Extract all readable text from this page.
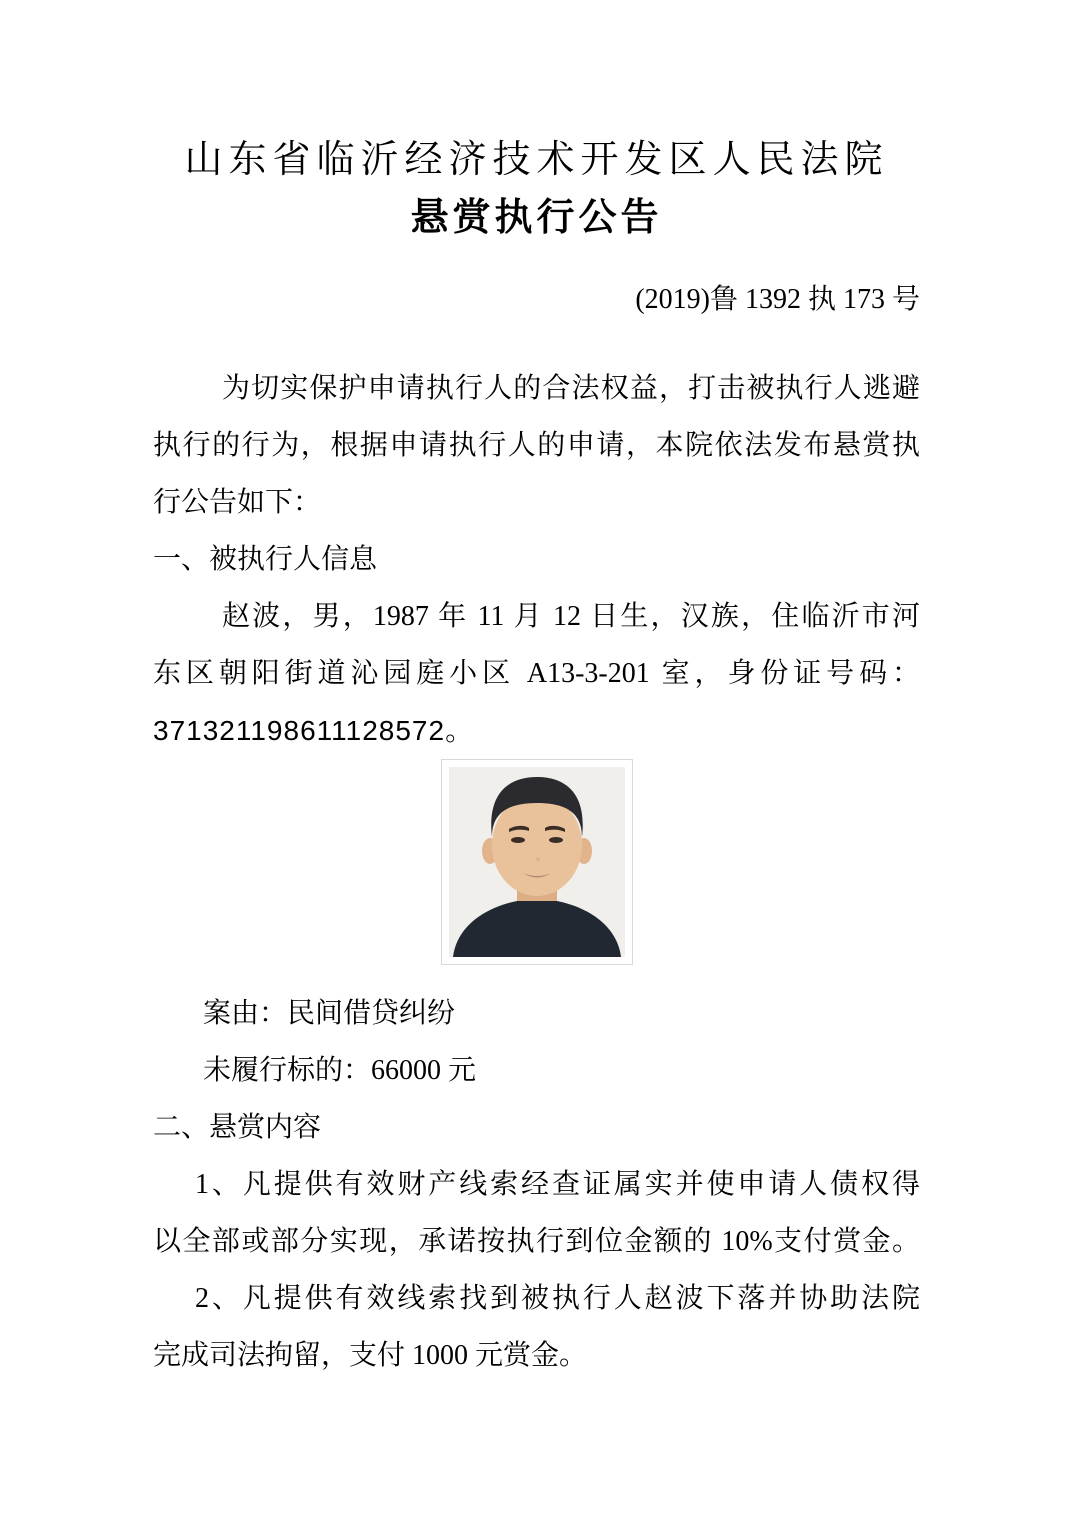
山东省临沂经济技术开发区人民法院
悬赏执行公告
(2019)鲁 1392 执 173 号
为切实保护申请执行人的合法权益，打击被执行人逃避
执行的行为，根据申请执行人的申请，本院依法发布悬赏执
行公告如下：
一、被执行人信息
赵波，男，1987 年 11 月 12 日生，汉族，住临沂市河
东区朝阳街道沁园庭小区 A13-3-201 室，身份证号码：
371321198611128572。
案由：民间借贷纠纷
未履行标的：66000 元
二、悬赏内容
1、凡提供有效财产线索经查证属实并使申请人债权得
以全部或部分实现，承诺按执行到位金额的 10%支付赏金。
2、凡提供有效线索找到被执行人赵波下落并协助法院
完成司法拘留，支付 1000 元赏金。
